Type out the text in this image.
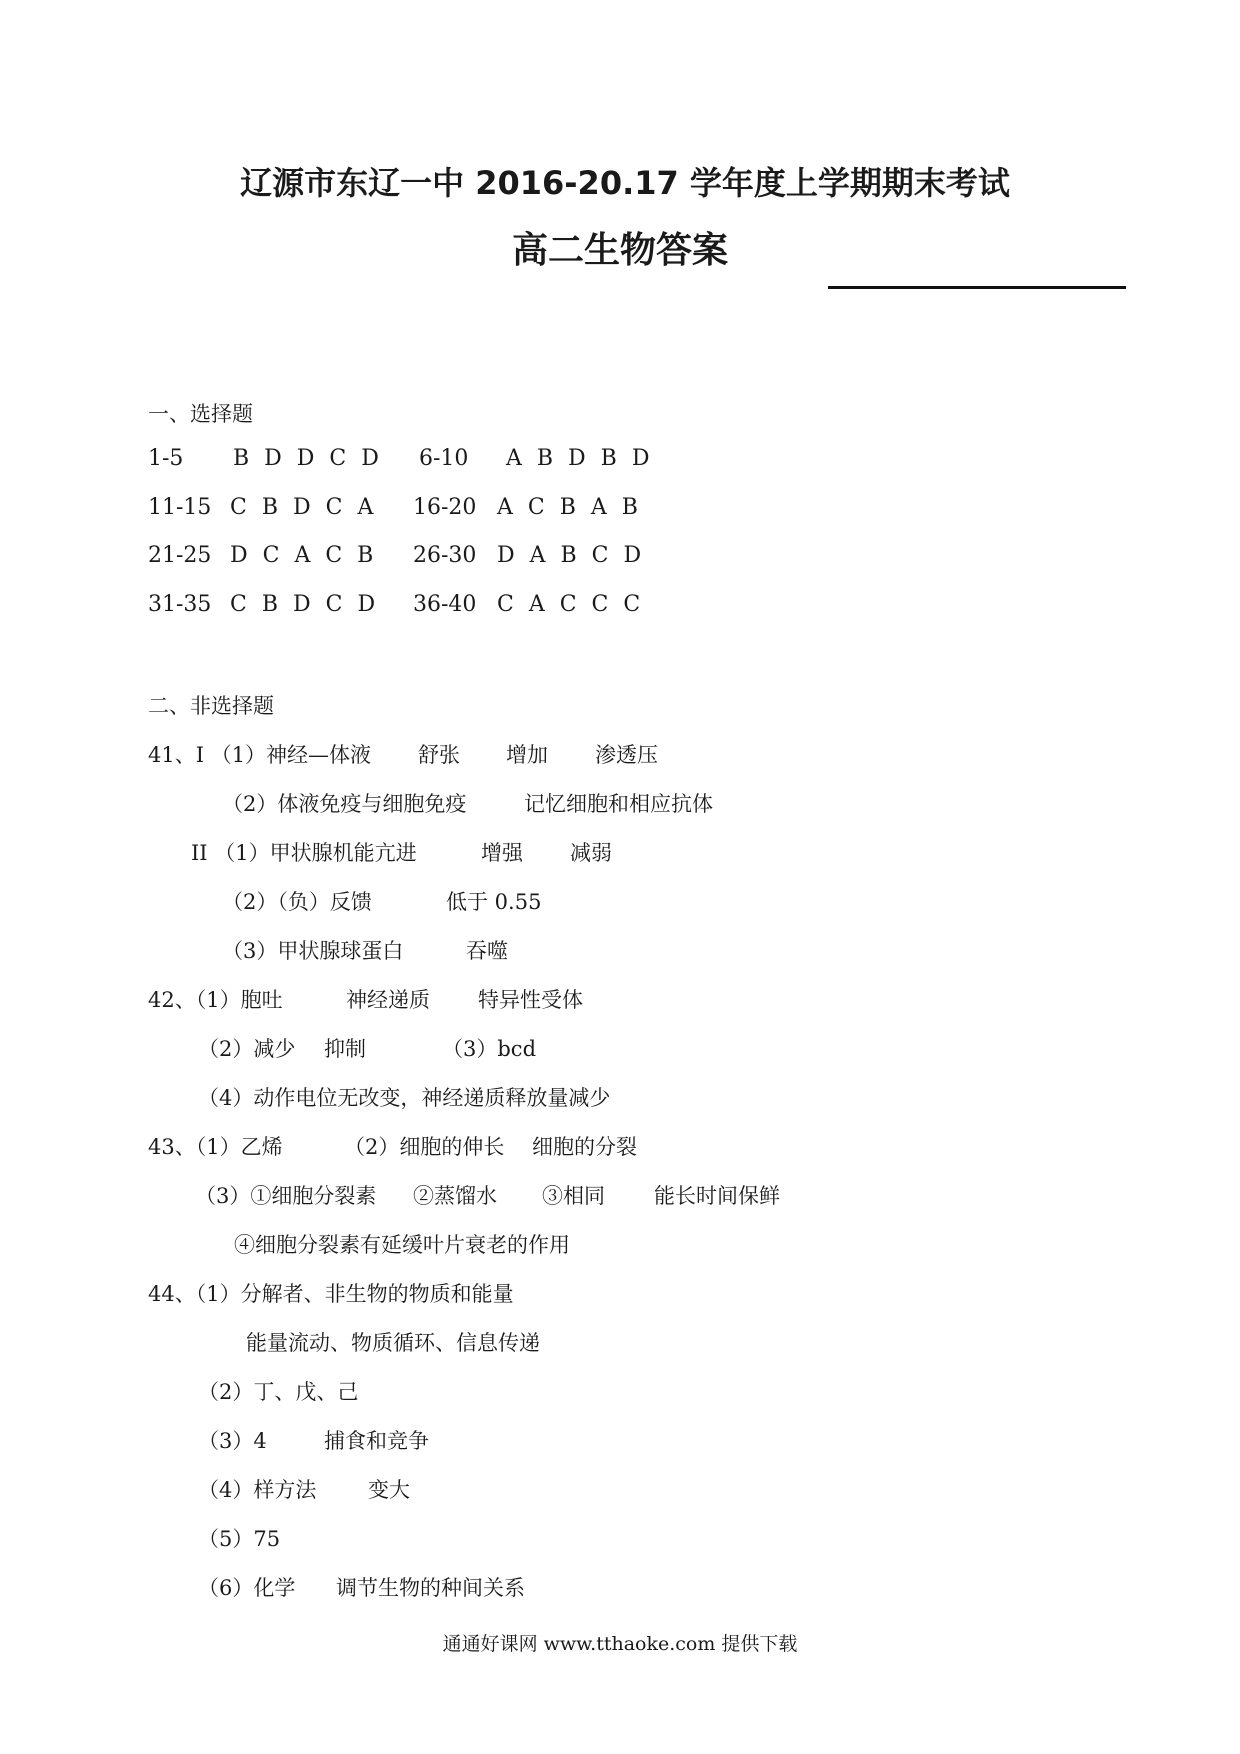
辽源市东辽一中 2016-20.17 学年度上学期期末考试
高二生物答案
一、选择题
1-5 B D D C D 6-10 A B D B D
11-15 C B D C A 16-20 A C B A B
21-25 D C A C B 26-30 D A B C D
31-35 C B D C D 36-40 C A C C C
二、非选择题
41、I （1）神经—体液 舒张 增加 渗透压
（2）体液免疫与细胞免疫	记忆细胞和相应抗体
II （1）甲状腺机能亢进	增强 减弱
（2）（负）反馈	低于 0.55
（3）甲状腺球蛋白	吞噬
42、（1）胞吐	神经递质 特异性受体
（2）减少 抑制	（3）bcd
（4）动作电位无改变，神经递质释放量减少
43、（1）乙烯	（2）细胞的伸长 细胞的分裂
（3）①细胞分裂素 ②蒸馏水 ③相同 能长时间保鲜
④细胞分裂素有延缓叶片衰老的作用
44、（1）分解者、非生物的物质和能量
能量流动、物质循环、信息传递
（2）丁、戊、己
（3）4	捕食和竞争
（4）样方法 变大
（5）75
（6）化学 调节生物的种间关系
通通好课网 www.tthaoke.com 提供下载
